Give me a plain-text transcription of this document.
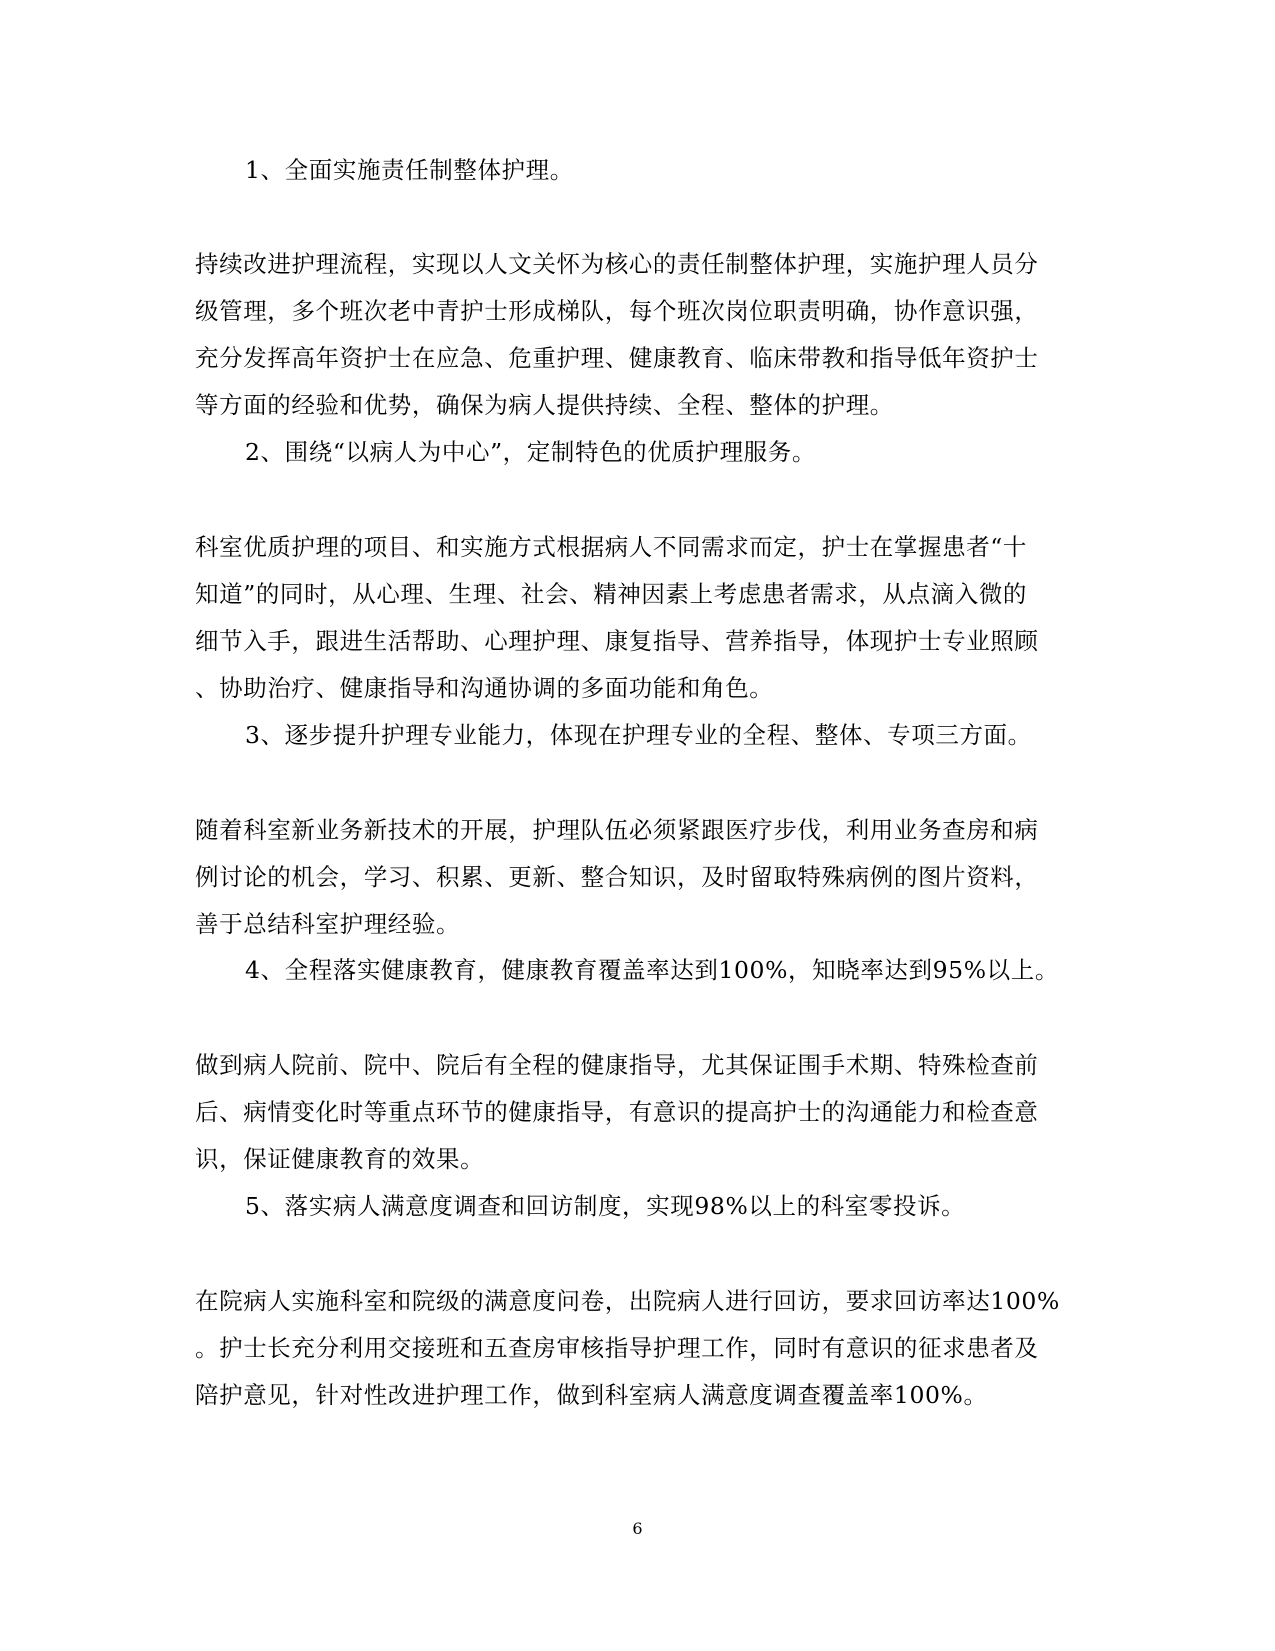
1、全面实施责任制整体护理。
持续改进护理流程，实现以人文关怀为核心的责任制整体护理，实施护理人员分
级管理，多个班次老中青护士形成梯队，每个班次岗位职责明确，协作意识强，
充分发挥高年资护士在应急、危重护理、健康教育、临床带教和指导低年资护士
等方面的经验和优势，确保为病人提供持续、全程、整体的护理。
2、围绕“以病人为中心”，定制特色的优质护理服务。
科室优质护理的项目、和实施方式根据病人不同需求而定，护士在掌握患者“十
知道”的同时，从心理、生理、社会、精神因素上考虑患者需求，从点滴入微的
细节入手，跟进生活帮助、心理护理、康复指导、营养指导，体现护士专业照顾
、协助治疗、健康指导和沟通协调的多面功能和角色。
3、逐步提升护理专业能力，体现在护理专业的全程、整体、专项三方面。
随着科室新业务新技术的开展，护理队伍必须紧跟医疗步伐，利用业务查房和病
例讨论的机会，学习、积累、更新、整合知识，及时留取特殊病例的图片资料，
善于总结科室护理经验。
4、全程落实健康教育，健康教育覆盖率达到100%，知晓率达到95%以上。
做到病人院前、院中、院后有全程的健康指导，尤其保证围手术期、特殊检查前
后、病情变化时等重点环节的健康指导，有意识的提高护士的沟通能力和检查意
识，保证健康教育的效果。
5、落实病人满意度调查和回访制度，实现98%以上的科室零投诉。
在院病人实施科室和院级的满意度问卷，出院病人进行回访，要求回访率达100%
。护士长充分利用交接班和五查房审核指导护理工作，同时有意识的征求患者及
陪护意见，针对性改进护理工作，做到科室病人满意度调查覆盖率100%。
6
